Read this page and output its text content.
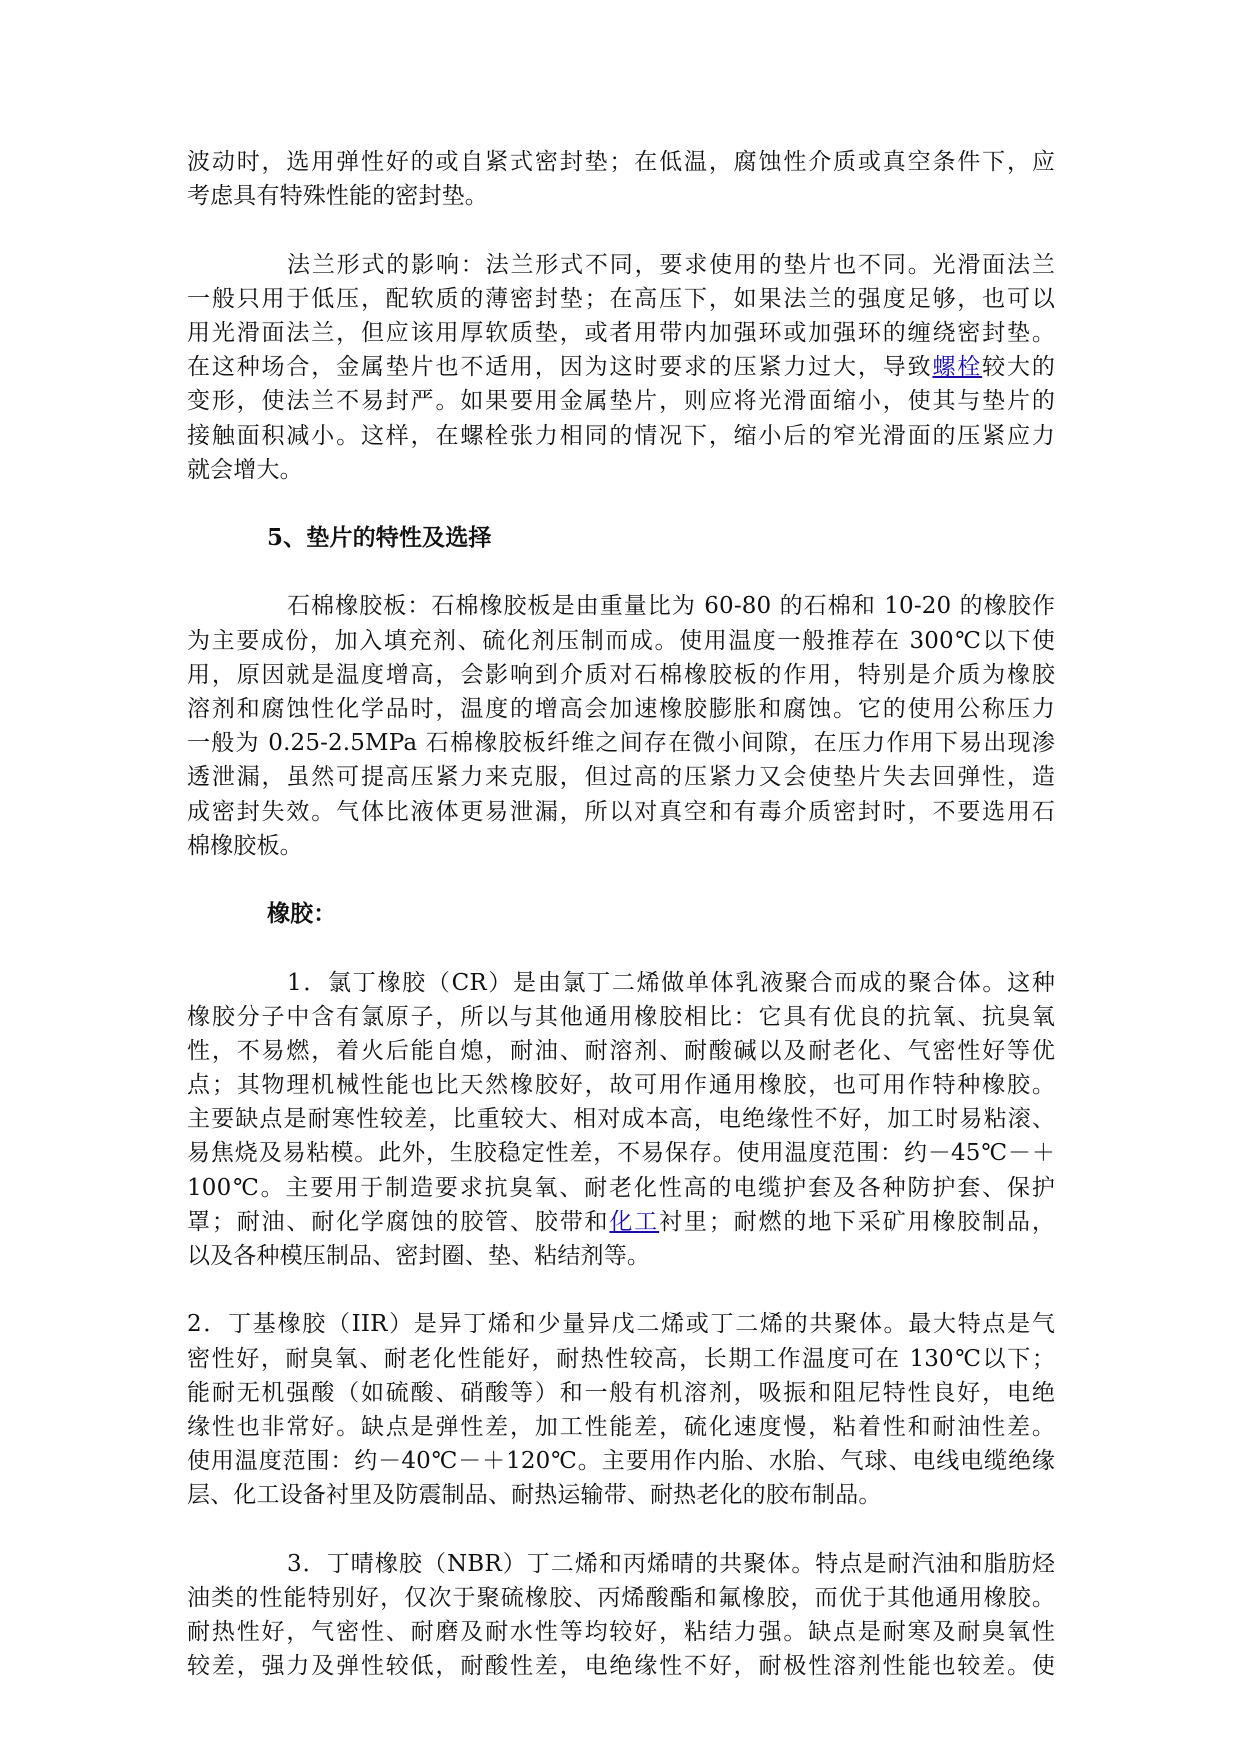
波动时，选用弹性好的或自紧式密封垫；在低温，腐蚀性介质或真空条件下，应
考虑具有特殊性能的密封垫。
法兰形式的影响：法兰形式不同，要求使用的垫片也不同。光滑面法兰
一般只用于低压，配软质的薄密封垫；在高压下，如果法兰的强度足够，也可以
用光滑面法兰，但应该用厚软质垫，或者用带内加强环或加强环的缠绕密封垫。
在这种场合，金属垫片也不适用，因为这时要求的压紧力过大，导致螺栓较大的
变形，使法兰不易封严。如果要用金属垫片，则应将光滑面缩小，使其与垫片的
接触面积减小。这样，在螺栓张力相同的情况下，缩小后的窄光滑面的压紧应力
就会增大。
5、垫片的特性及选择
石棉橡胶板：石棉橡胶板是由重量比为 60-80 的石棉和 10-20 的橡胶作
为主要成份，加入填充剂、硫化剂压制而成。使用温度一般推荐在 300℃以下使
用，原因就是温度增高，会影响到介质对石棉橡胶板的作用，特别是介质为橡胶
溶剂和腐蚀性化学品时，温度的增高会加速橡胶膨胀和腐蚀。它的使用公称压力
一般为 0.25-2.5MPa 石棉橡胶板纤维之间存在微小间隙，在压力作用下易出现渗
透泄漏，虽然可提高压紧力来克服，但过高的压紧力又会使垫片失去回弹性，造
成密封失效。气体比液体更易泄漏，所以对真空和有毒介质密封时，不要选用石
棉橡胶板。
橡胶：
1．氯丁橡胶（CR）是由氯丁二烯做单体乳液聚合而成的聚合体。这种
橡胶分子中含有氯原子，所以与其他通用橡胶相比：它具有优良的抗氧、抗臭氧
性，不易燃，着火后能自熄，耐油、耐溶剂、耐酸碱以及耐老化、气密性好等优
点；其物理机械性能也比天然橡胶好，故可用作通用橡胶，也可用作特种橡胶。
主要缺点是耐寒性较差，比重较大、相对成本高，电绝缘性不好，加工时易粘滚、
易焦烧及易粘模。此外，生胶稳定性差，不易保存。使用温度范围：约－45℃－＋
100℃。主要用于制造要求抗臭氧、耐老化性高的电缆护套及各种防护套、保护
罩；耐油、耐化学腐蚀的胶管、胶带和化工衬里；耐燃的地下采矿用橡胶制品，
以及各种模压制品、密封圈、垫、粘结剂等。
2．丁基橡胶（IIR）是异丁烯和少量异戊二烯或丁二烯的共聚体。最大特点是气
密性好，耐臭氧、耐老化性能好，耐热性较高，长期工作温度可在 130℃以下；
能耐无机强酸（如硫酸、硝酸等）和一般有机溶剂，吸振和阻尼特性良好，电绝
缘性也非常好。缺点是弹性差，加工性能差，硫化速度慢，粘着性和耐油性差。
使用温度范围：约－40℃－＋120℃。主要用作内胎、水胎、气球、电线电缆绝缘
层、化工设备衬里及防震制品、耐热运输带、耐热老化的胶布制品。
3．丁晴橡胶（NBR）丁二烯和丙烯晴的共聚体。特点是耐汽油和脂肪烃
油类的性能特别好，仅次于聚硫橡胶、丙烯酸酯和氟橡胶，而优于其他通用橡胶。
耐热性好，气密性、耐磨及耐水性等均较好，粘结力强。缺点是耐寒及耐臭氧性
较差，强力及弹性较低，耐酸性差，电绝缘性不好，耐极性溶剂性能也较差。使
